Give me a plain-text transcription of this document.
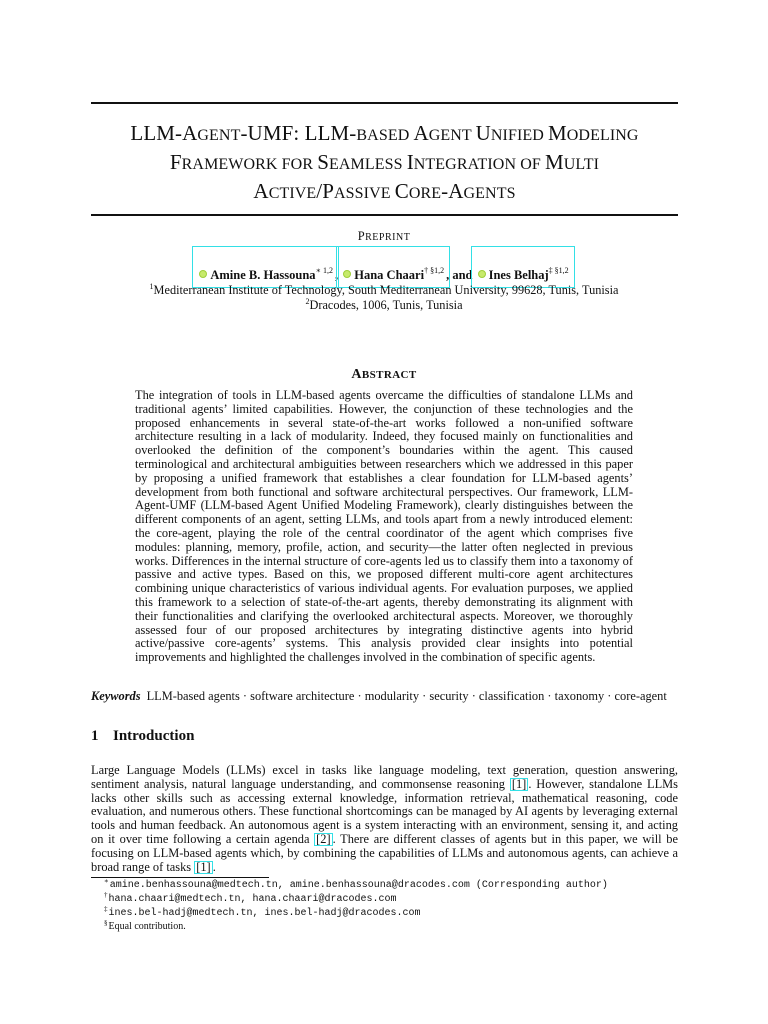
LLM-AGENT-UMF: LLM-BASED AGENT UNIFIED MODELING
FRAMEWORK FOR SEAMLESS INTEGRATION OF MULTI
ACTIVE/PASSIVE CORE-AGENTS
PREPRINT
Amine B. Hassouna$^{∗ 1,2}$ , Hana Chaari$^{\dagger \S 1,2}$ , and Ines Belhaj$^{\ddagger \S 1,2}$
$^1$Mediterranean Institute of Technology, South Mediterranean University, 99628, Tunis, Tunisia
$^2$Dracodes, 1006, Tunis, Tunisia
ABSTRACT

The integration of tools in LLM-based agents overcame the difficulties of standalone LLMs and traditional agents’ limited capabilities. However, the conjunction of these technologies and the proposed enhancements in several state-of-the-art works followed a non-unified software architecture resulting in a lack of modularity. Indeed, they focused mainly on functionalities and overlooked the definition of the component’s boundaries within the agent. This caused terminological and architectural ambiguities between researchers which we addressed in this paper by proposing a unified framework that establishes a clear foundation for LLM-based agents’ development from both functional and software architectural perspectives. Our framework, LLM-Agent-UMF (LLM-based Agent Unified Modeling Framework), clearly distinguishes between the different components of an agent, setting LLMs, and tools apart from a newly introduced element: the core-agent, playing the role of the central coordinator of the agent which comprises five modules: planning, memory, profile, action, and security—the latter often neglected in previous works. Differences in the internal structure of core-agents led us to classify them into a taxonomy of passive and active types. Based on this, we proposed different multi-core agent architectures combining unique characteristics of various individual agents. For evaluation purposes, we applied this framework to a selection of state-of-the-art agents, thereby demonstrating its alignment with their functionalities and clarifying the overlooked architectural aspects. Moreover, we thoroughly assessed four of our proposed architectures by integrating distinctive agents into hybrid active/passive core-agents’ systems. This analysis provided clear insights into potential improvements and highlighted the challenges involved in the combination of specific agents.

Keywords LLM-based agents · software architecture · modularity · security · classification · taxonomy · core-agent
1 Introduction

Large Language Models (LLMs) excel in tasks like language modeling, text generation, question answering, sentiment analysis, natural language understanding, and commonsense reasoning [1] . However, standalone LLMs lacks other skills such as accessing external knowledge, information retrieval, mathematical reasoning, code evaluation, and numerous others. These functional shortcomings can be managed by AI agents by leveraging external tools and human feedback. An autonomous agent is a system interacting with an environment, sensing it, and acting on it over time following a certain agenda [2] . There are different classes of agents but in this paper, we will be focusing on LLM-based agents which, by combining the capabilities of LLMs and autonomous agents, can achieve a broad range of tasks [1] .

∗amine.benhassouna@medtech.tn, amine.benhassouna@dracodes.com (Corresponding author)
†hana.chaari@medtech.tn, hana.chaari@dracodes.com
‡ines.bel-hadj@medtech.tn, ines.bel-hadj@dracodes.com
§Equal contribution.
